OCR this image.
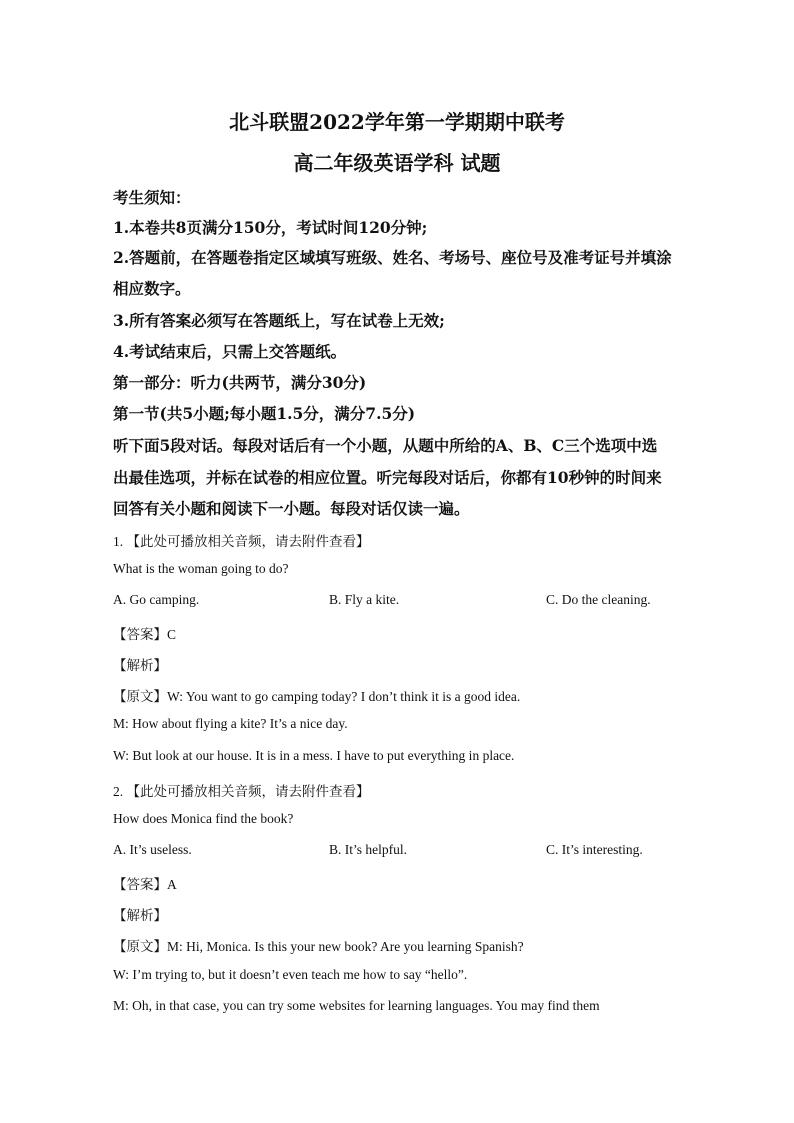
北斗联盟2022学年第一学期期中联考
高二年级英语学科 试题
考生须知：
1.本卷共8页满分150分，考试时间120分钟;
2.答题前，在答题卷指定区域填写班级、姓名、考场号、座位号及准考证号并填涂
相应数字。
3.所有答案必须写在答题纸上，写在试卷上无效;
4.考试结束后，只需上交答题纸。
第一部分：听力(共两节，满分30分)
第一节(共5小题;每小题1.5分，满分7.5分)
听下面5段对话。每段对话后有一个小题，从题中所给的A、B、C三个选项中选
出最佳选项，并标在试卷的相应位置。听完每段对话后，你都有10秒钟的时间来
回答有关小题和阅读下一小题。每段对话仅读一遍。
1. 【此处可播放相关音频，请去附件查看】
What is the woman going to do?
A. Go camping.	B. Fly a kite.	C. Do the cleaning.
【答案】C
【解析】
【原文】W: You want to go camping today? I don’t think it is a good idea.
M: How about flying a kite? It’s a nice day.
W: But look at our house. It is in a mess. I have to put everything in place.
2. 【此处可播放相关音频，请去附件查看】
How does Monica find the book?
A. It’s useless.	B. It’s helpful.	C. It’s interesting.
【答案】A
【解析】
【原文】M: Hi, Monica. Is this your new book? Are you learning Spanish?
W: I’m trying to, but it doesn’t even teach me how to say “hello”.
M: Oh, in that case, you can try some websites for learning languages. You may find them
